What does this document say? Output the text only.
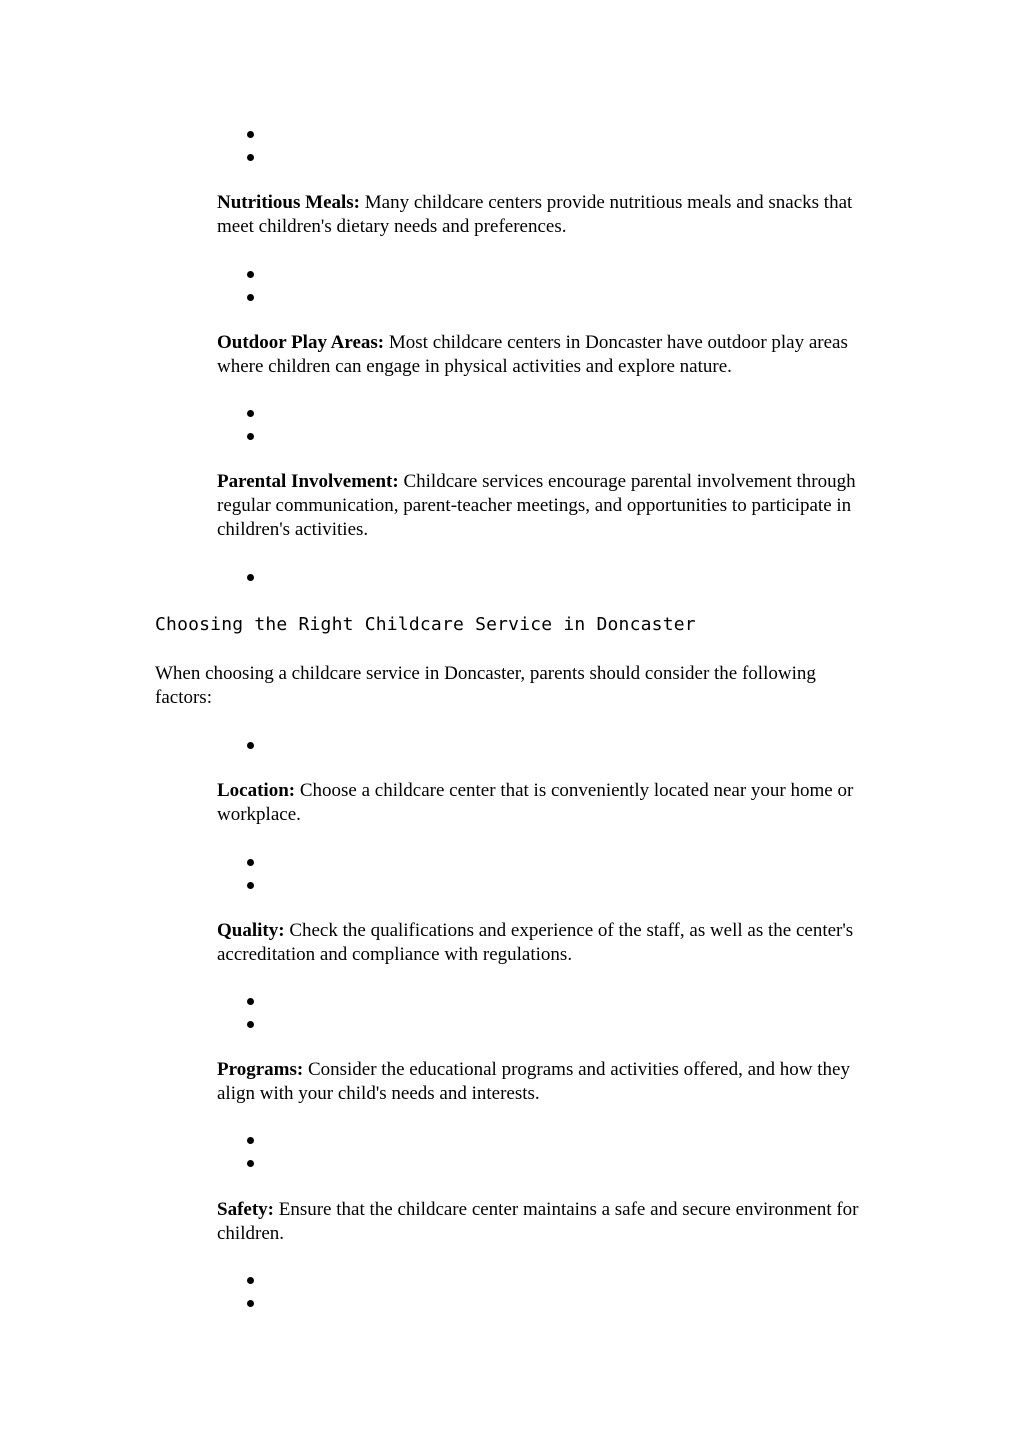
Nutritious Meals: Many childcare centers provide nutritious meals and snacks that meet children's dietary needs and preferences.

Outdoor Play Areas: Most childcare centers in Doncaster have outdoor play areas where children can engage in physical activities and explore nature.

Parental Involvement: Childcare services encourage parental involvement through regular communication, parent-teacher meetings, and opportunities to participate in children's activities.

Choosing the Right Childcare Service in Doncaster

When choosing a childcare service in Doncaster, parents should consider the following factors:

Location: Choose a childcare center that is conveniently located near your home or workplace.

Quality: Check the qualifications and experience of the staff, as well as the center's accreditation and compliance with regulations.

Programs: Consider the educational programs and activities offered, and how they align with your child's needs and interests.

Safety: Ensure that the childcare center maintains a safe and secure environment for children.
